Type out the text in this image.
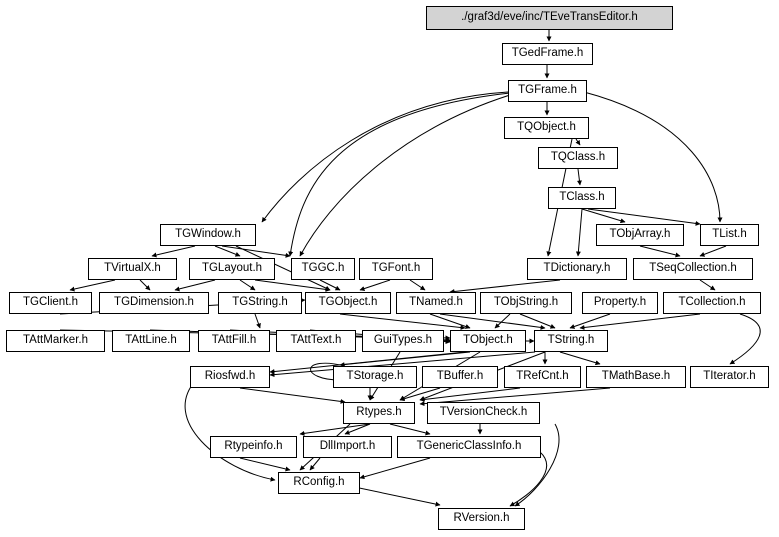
./graf3d/eve/inc/TEveTransEditor.h
TGedFrame.h
TGFrame.h
TQObject.h
TQClass.h
TClass.h
TObjArray.h	TList.h
TGWindow.h
TDictionary.h	TSeqCollection.h
TVirtualX.h	TGLayout.h	TGGC.h TGFont.h
TGClient.h	TGDimension.h	TGString.h	TGObject.h	TNamed.h	TObjString.h	Property.h	TCollection.h
TAttMarker.h	TAttLine.h	TAttFill.h	TAttText.h	GuiTypes.h	TObject.h	TString.h
Riosfwd.h	TStorage.h	TBuffer.h	TRefCnt.h	TMathBase.h	TIterator.h
Rtypes.h	TVersionCheck.h
Rtypeinfo.h	DllImport.h	TGenericClassInfo.h
RConfig.h
RVersion.h
